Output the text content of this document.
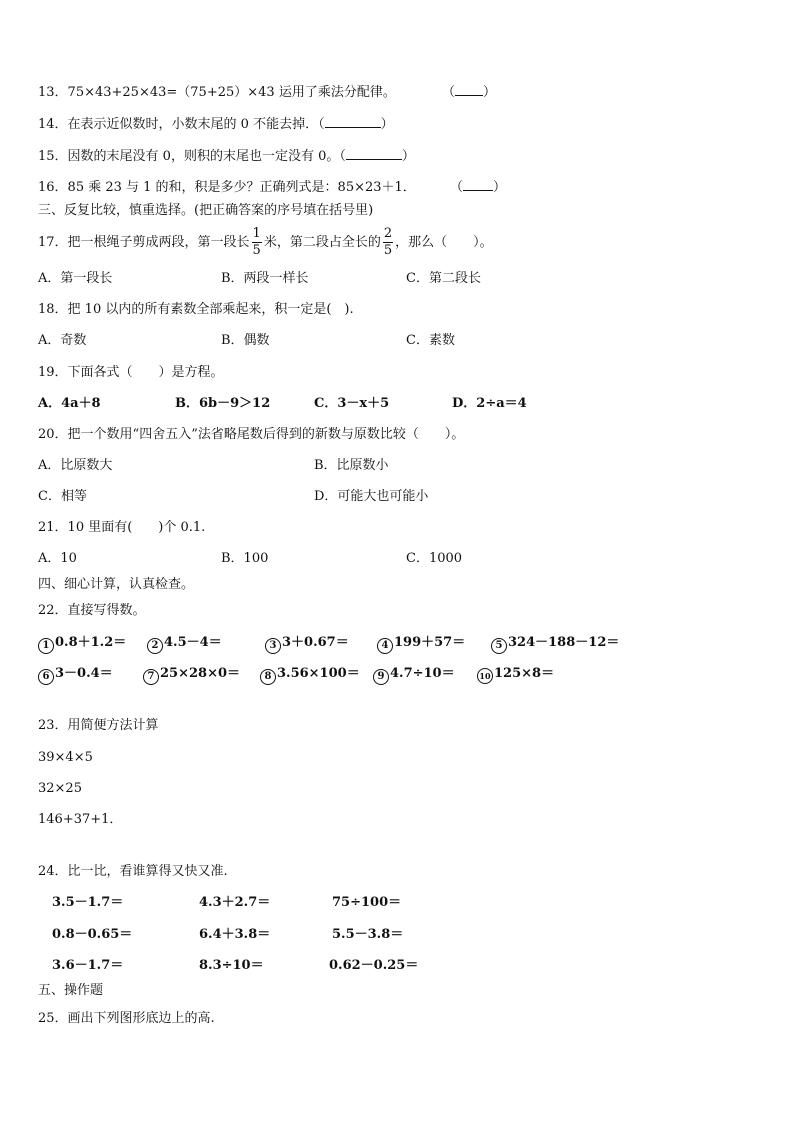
13．75×43+25×43=（75+25）×43 运用了乘法分配律。	（ ）
14．在表示近似数时，小数末尾的 0 不能去掉．（	）
15．因数的末尾没有 0，则积的末尾也一定没有 0。（	）
16．85 乘 23 与 1 的和，积是多少？正确列式是：85×23＋1．	（ ）
三、反复比较，慎重选择。(把正确答案的序号填在括号里)
17．把一根绳子剪成两段，第一段长 $\frac{1}{5}$ 米，第二段占全长的 $\frac{2}{5}$ ，那么（　　）。
A．第一段长	B．两段一样长	C．第二段长
18．把 10 以内的所有素数全部乘起来，积一定是(　).
A．奇数	B．偶数	C．素数
19．下面各式（　　）是方程。
A．4a＋8	B．6b－9＞12	C．3－x＋5	D．2÷a＝4
20．把一个数用“四舍五入”法省略尾数后得到的新数与原数比较（　　）。
A．比原数大	B．比原数小
C．相等	D．可能大也可能小
21．10 里面有(　　)个 0.1.
A．10	B．100	C．1000
四、细心计算，认真检查。
22．直接写得数。
1 0.8＋1.2＝	2 4.5－4＝	3 3＋0.67＝	4 199＋57＝	5 324－188－12＝
6 3－0.4＝	7 25×28×0＝	8 3.56×100＝	9 4.7÷10＝	10 125×8＝
23．用简便方法计算
39×4×5
32×25
146+37+1．
24．比一比，看谁算得又快又准.
3.5－1.7＝	4.3＋2.7＝	75÷100＝
0.8－0.65＝	6.4＋3.8＝	5.5－3.8＝
3.6－1.7＝	8.3÷10＝	0.62－0.25＝
五、操作题
25．画出下列图形底边上的高.
